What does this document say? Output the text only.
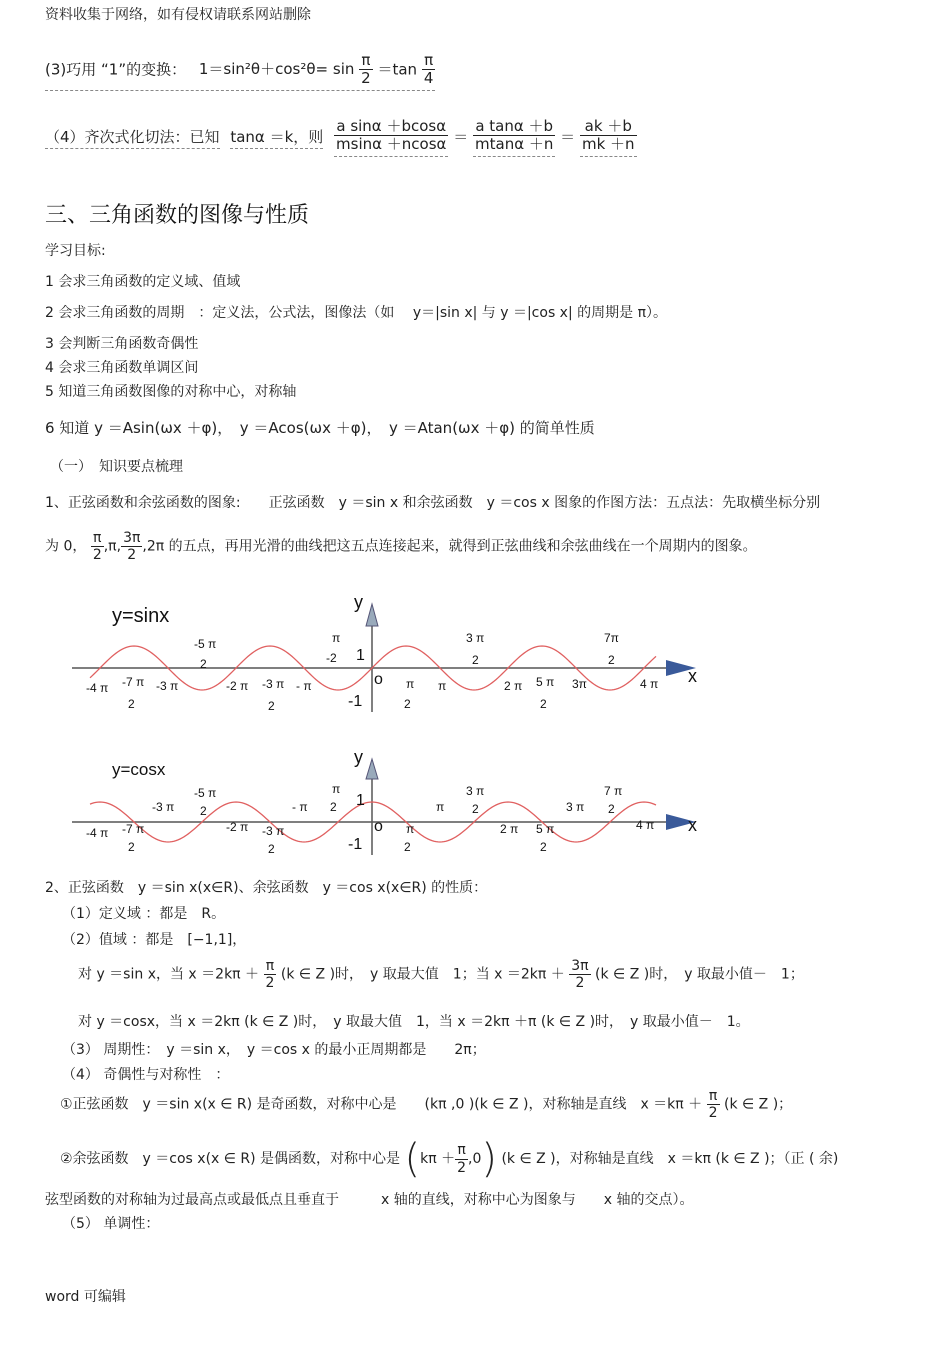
资料收集于网络，如有侵权请联系网站删除
(3)巧用 “1”的变换： $1=\sin^2\theta+\cos^2\theta= \sin \frac{\pi}{2} =\tan \frac{\pi}{4}$
（4）齐次式化切法：已知 tanα ＝k，则 $\frac{\text{a sinα ＋bcosα}}{msin\alpha +ncos\alpha} = \frac{\text{a tanα ＋b}}{mtan\alpha +n} = \frac{ak +b}{mk +n}$
三、三角函数的图像与性质
学习目标:
1 会求三角函数的定义域、值域
2 会求三角函数的周期　：定义法，公式法，图像法（如 y＝|sin x| 与 y ＝|cos x| 的周期是 π）。
3 会判断三角函数奇偶性
4 会求三角函数单调区间
5 知道三角函数图像的对称中心，对称轴
6 知道 y ＝Asin(ωx ＋φ)，　y ＝Acos(ωx ＋φ)，　y ＝Atan(ωx ＋φ) 的简单性质
（一）　知识要点梳理
1、正弦函数和余弦函数的图象:　　正弦函数　y ＝sin x 和余弦函数　y ＝cos x 图象的作图方法：五点法：先取横坐标分别
为 0， $\frac{\pi}{2} ,\pi$, $\frac{3\pi}{2} ,2\pi$ 的五点，再用光滑的曲线把这五点连接起来，就得到正弦曲线和余弦曲线在一个周期内的图象。
y=sinx
y
x
o
1
-1
-4 π -7 π
2
-3 π
-5 π
2
-2 π -3 π
2
- π
π
-2
π
2
π
3 π
2
2 π 5 π
2
3π
7π
2
4 π
y=cosx
y
x
o
1
-1
-4 π -7 π
2
-3 π
-5 π
2
-2 π -3 π
2
- π
π
2
π
2
π
3 π
2
2 π 5 π
2
3 π
7 π
2
4 π
2、正弦函数　y ＝sin x(x∈R)、余弦函数　y ＝cos x(x∈R) 的性质：
（1）定义域 ：都是　R。
（2）值域 ：都是　[−1,1]，
对 y ＝sin x，当 $x =2k\pi + \frac{\pi}{2} (k$ ∈ Z )时，　y 取最大值　1；当 $x =2k\pi + \frac{3\pi}{2} (k$ ∈ Z )时，　y 取最小值－　1；
对 y ＝cosx，当 x ＝2kπ (k ∈ Z )时，　y 取最大值　1，当 x ＝2kπ ＋π (k ∈ Z )时，　y 取最小值－　1。
（3） 周期性：　y ＝sin x，　y ＝cos x 的最小正周期都是　　2π；
（4） 奇偶性与对称性　：
①正弦函数　y ＝sin x(x ∈ R) 是奇函数，对称中心是　　(kπ ,0 )(k ∈ Z )，对称轴是直线　$x =k\pi + \frac{\pi}{2} (k$ ∈ Z )；
②余弦函数　y ＝cos x(x ∈ R) 是偶函数，对称中心是 $(k\pi + \frac{\pi}{2} ,0)$ (k ∈ Z )，对称轴是直线　x ＝kπ (k ∈ Z )；（正 ( 余)
弦型函数的对称轴为过最高点或最低点且垂直于　　　x 轴的直线，对称中心为图象与　　x 轴的交点）。
（5） 单调性：
word 可编辑
